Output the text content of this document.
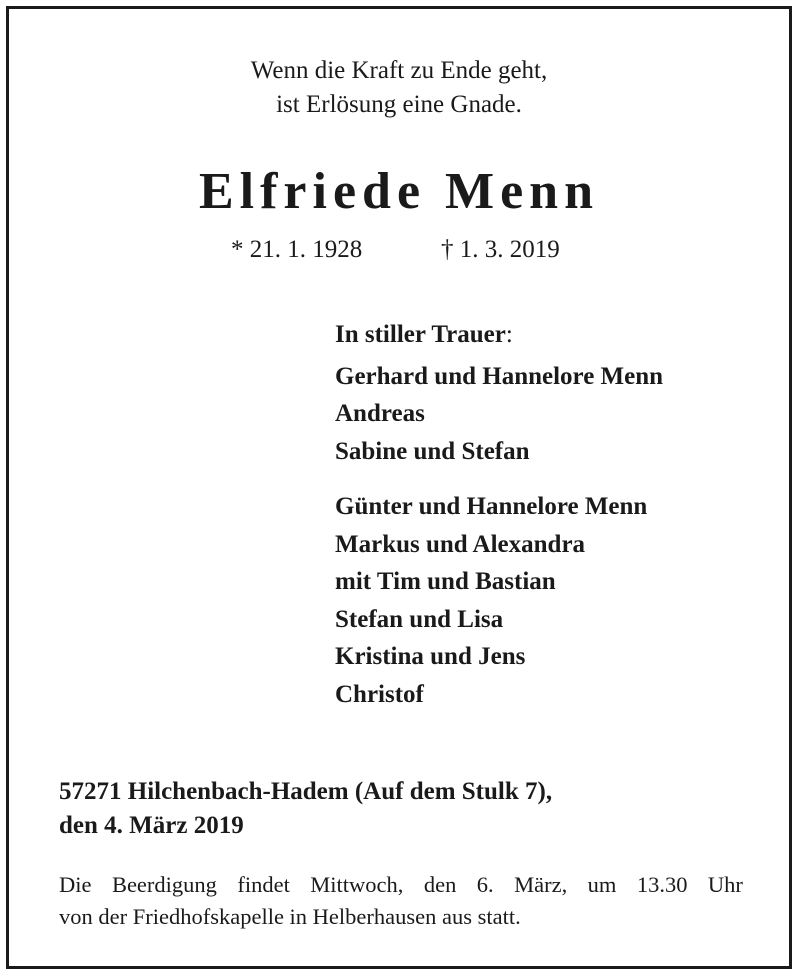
Wenn die Kraft zu Ende geht,
ist Erlösung eine Gnade.
Elfriede Menn
* 21. 1. 1928	† 1. 3. 2019
In stiller Trauer:
Gerhard und Hannelore Menn
Andreas
Sabine und Stefan
Günter und Hannelore Menn
Markus und Alexandra
mit Tim und Bastian
Stefan und Lisa
Kristina und Jens
Christof
57271 Hilchenbach-Hadem (Auf dem Stulk 7),
den 4. März 2019
Die Beerdigung findet Mittwoch, den 6. März, um 13.30 Uhr
von der Friedhofskapelle in Helberhausen aus statt.
